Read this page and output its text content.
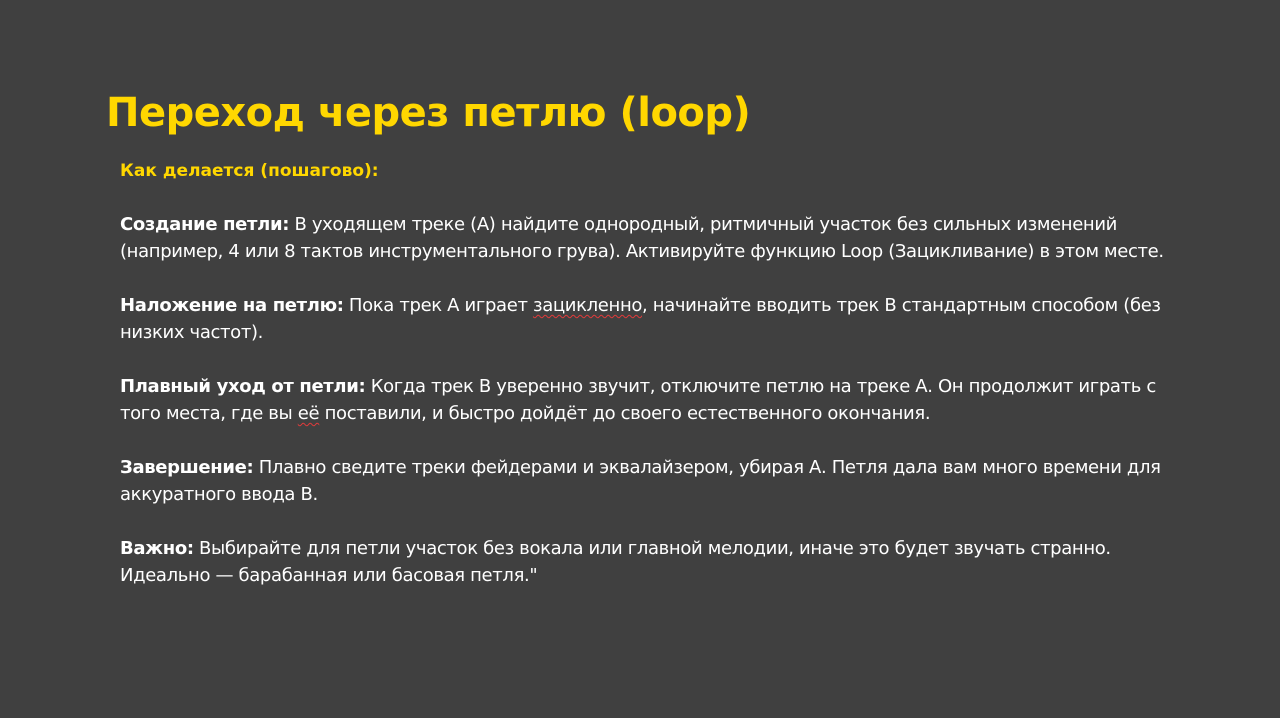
Переход через петлю (loop)

Как делается (пошагово):

Создание петли: В уходящем треке (А) найдите однородный, ритмичный участок без сильных изменений (например, 4 или 8 тактов инструментального грува). Активируйте функцию Loop (Зацикливание) в этом месте.

Наложение на петлю: Пока трек А играет зацикленно, начинайте вводить трек В стандартным способом (без низких частот).

Плавный уход от петли: Когда трек В уверенно звучит, отключите петлю на треке А. Он продолжит играть с того места, где вы её поставили, и быстро дойдёт до своего естественного окончания.

Завершение: Плавно сведите треки фейдерами и эквалайзером, убирая А. Петля дала вам много времени для аккуратного ввода В.

Важно: Выбирайте для петли участок без вокала или главной мелодии, иначе это будет звучать странно. Идеально — барабанная или басовая петля."
